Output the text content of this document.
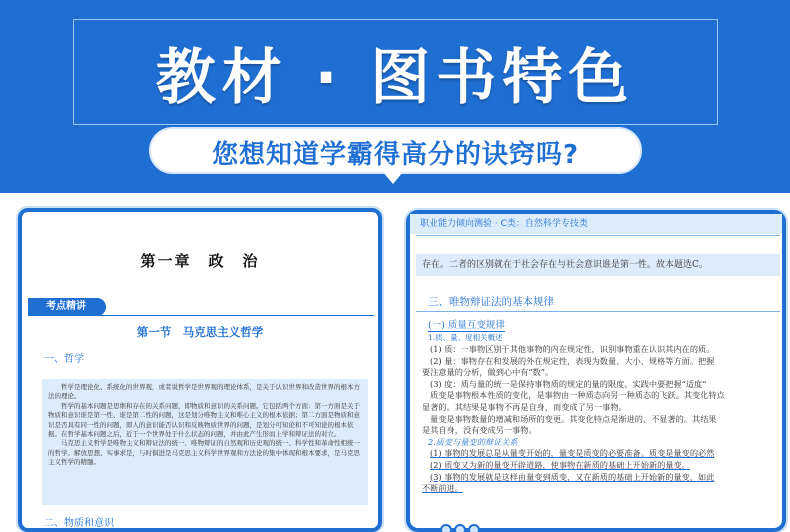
教材 · 图书特色
您想知道学霸得高分的诀窍吗?
第一章　政　治
考点精讲
第一节　马克思主义哲学
一、哲学

哲学是理论化、系统化的世界观，或者说哲学是世界观的理论体系，是关于认识世界和改造世界的根本方法的理论。

哲学的基本问题是思维和存在的关系问题，即物质和意识的关系问题。它包括两个方面：第一方面是关于物质和意识谁是第一性、谁是第二性的问题，这是划分唯物主义和唯心主义的根本依据；第二方面是物质和意识是否具有同一性的问题，即人的意识能否认识和反映物质世界的问题，是划分可知论和不可知论的根本依据。在哲学基本问题之后，近于一个世界处于什么状态的问题，并由此产生形而上学和辩证法的对立。

马克思主义哲学是唯物主义和辩证法的统一、唯物辩证的自然观和历史观的统一、科学性和革命性相统一的哲学。解放思想、实事求是，与时俱进是马克思主义科学世界观和方法论的集中体现和根本要求，是马克思主义哲学的精髓。

二、物质和意识
职业能力倾向测验 · C类：自然科学专技类
存在。二者的区别就在于社会存在与社会意识谁是第一性。故本题选C。
三、唯物辩证法的基本规律
(一) 质量互变规律
1.质、量、度相关概述

(1) 质：一事物区别于其他事物的内在规定性，识别事物重在认识其内在的质。

(2) 量：事物存在和发展的外在规定性，表现为数量、大小、规格等方面。把握

要注意量的分析，做到心中有“数”。

(3) 度：质与量的统一是保持事物质的规定的量的限度。实践中要把握“适度”

质变是事物根本性质的变化，是事物由一种质态向另一种质态的飞跃。其变化特点

显著的。其结果是事物不再是自身，而变成了另一事物。

量变是事物数量的增减和场所的变更。其变化特点是渐进的、不显著的。其结果

是其自身，没有变成另一事物。

2.质变与量变的辩证关系

(1) 事物的发展总是从量变开始的，量变是质变的必要准备。质变是量变的必然

(2) 质变又为新的量变开辟道路，使事物在新质的基础上开始新的量变。

(3) 事物的发展就是这样由量变到质变，又在新质的基础上开始新的量变，如此

不断前进。
